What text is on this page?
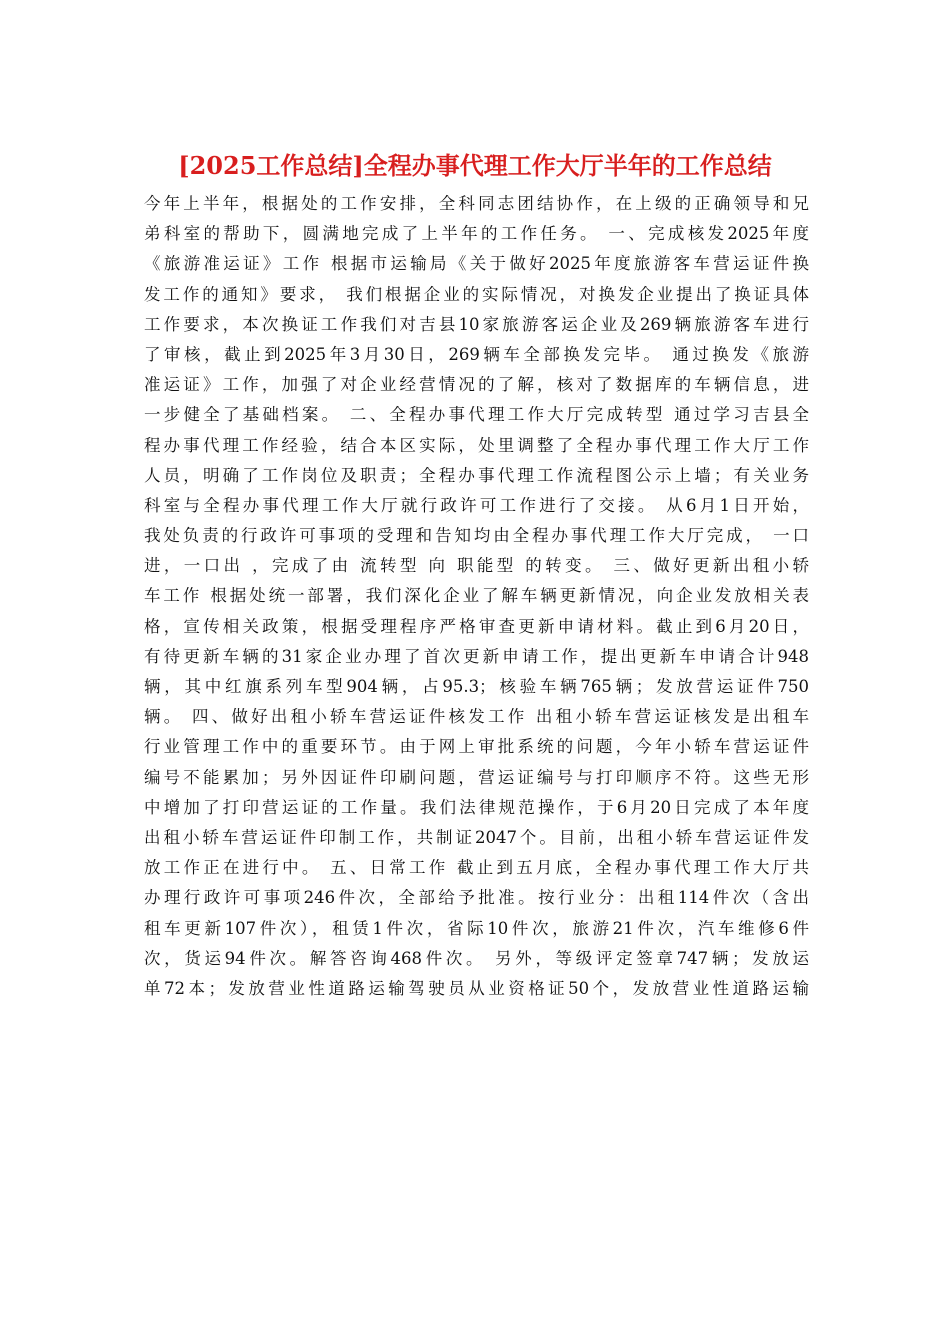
[2025工作总结]全程办事代理工作大厅半年的工作总结
今年上半年，根据处的工作安排，全科同志团结协作，在上级的正确领导和兄
弟科室的帮助下，圆满地完成了上半年的工作任务。 一、完成核发2025年度
《旅游准运证》工作 根据市运输局《关于做好2025年度旅游客车营运证件换
发工作的通知》要求， 我们根据企业的实际情况，对换发企业提出了换证具体
工作要求，本次换证工作我们对吉县10家旅游客运企业及269辆旅游客车进行
了审核，截止到2025年3月30日，269辆车全部换发完毕。 通过换发《旅游
准运证》工作，加强了对企业经营情况的了解，核对了数据库的车辆信息，进
一步健全了基础档案。 二、全程办事代理工作大厅完成转型 通过学习吉县全
程办事代理工作经验，结合本区实际，处里调整了全程办事代理工作大厅工作
人员，明确了工作岗位及职责；全程办事代理工作流程图公示上墙；有关业务
科室与全程办事代理工作大厅就行政许可工作进行了交接。 从6月1日开始，
我处负责的行政许可事项的受理和告知均由全程办事代理工作大厅完成， 一口
进，一口出 ，完成了由 流转型 向 职能型 的转变。 三、做好更新出租小轿
车工作 根据处统一部署，我们深化企业了解车辆更新情况，向企业发放相关表
格，宣传相关政策，根据受理程序严格审查更新申请材料。截止到6月20日，
有待更新车辆的31家企业办理了首次更新申请工作，提出更新车申请合计948
辆，其中红旗系列车型904辆，占95.3；核验车辆765辆；发放营运证件750
辆。 四、做好出租小轿车营运证件核发工作 出租小轿车营运证核发是出租车
行业管理工作中的重要环节。由于网上审批系统的问题，今年小轿车营运证件
编号不能累加；另外因证件印刷问题，营运证编号与打印顺序不符。这些无形
中增加了打印营运证的工作量。我们法律规范操作，于6月20日完成了本年度
出租小轿车营运证件印制工作，共制证2047个。目前，出租小轿车营运证件发
放工作正在进行中。 五、日常工作 截止到五月底，全程办事代理工作大厅共
办理行政许可事项246件次，全部给予批准。按行业分：出租114件次（含出
租车更新107件次），租赁1件次，省际10件次，旅游21件次，汽车维修6件
次，货运94件次。解答咨询468件次。 另外，等级评定签章747辆；发放运
单72本；发放营业性道路运输驾驶员从业资格证50个，发放营业性道路运输
